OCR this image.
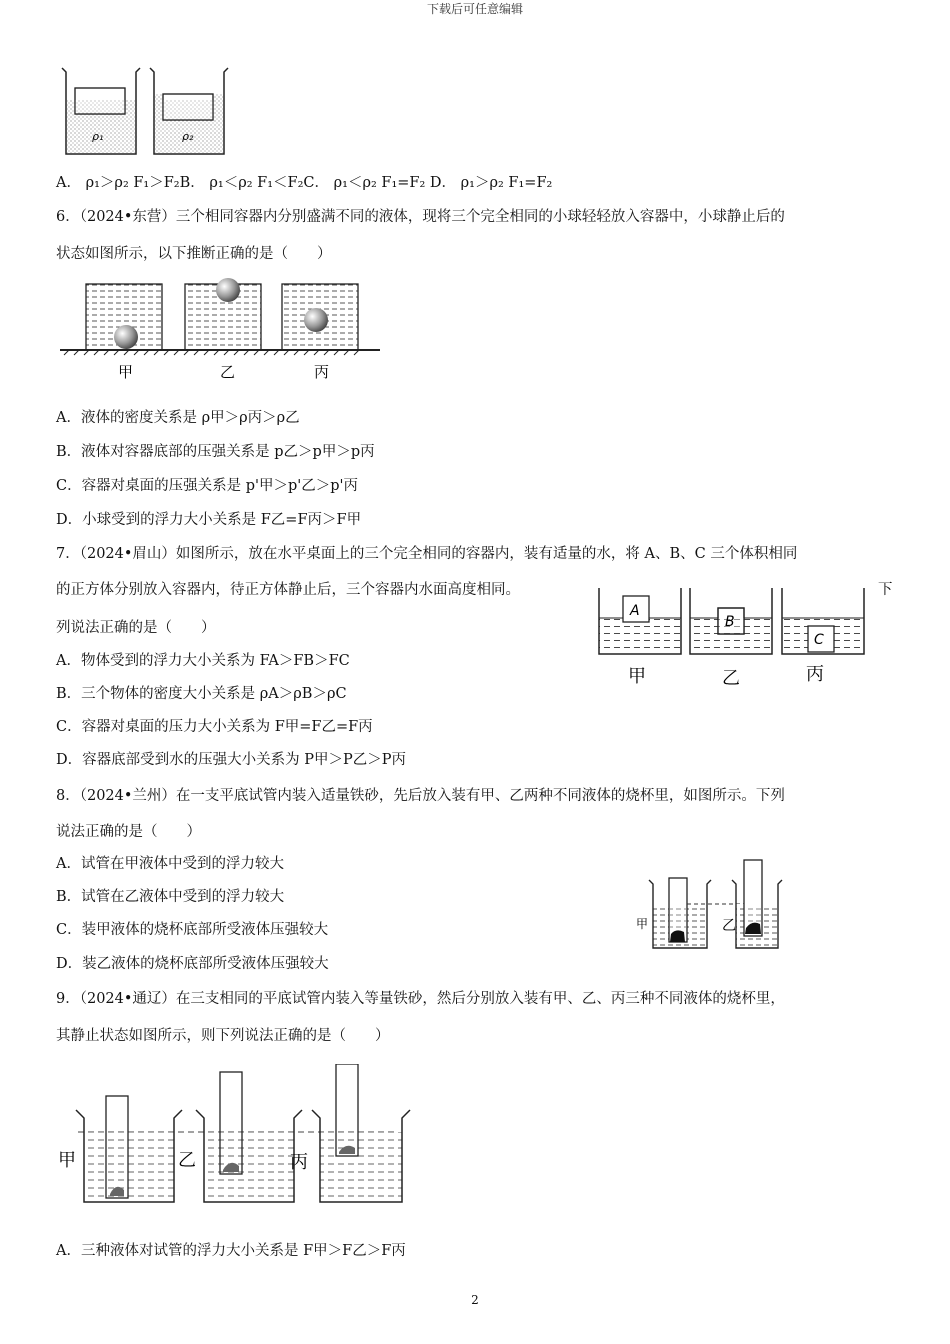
下载后可任意编辑
ρ₁	ρ₂
A． ρ₁＞ρ₂ F₁＞F₂B． ρ₁＜ρ₂ F₁＜F₂C． ρ₁＜ρ₂ F₁=F₂ D． ρ₁＞ρ₂ F₁=F₂
6．（2024•东营）三个相同容器内分别盛满不同的液体，现将三个完全相同的小球轻轻放入容器中，小球静止后的
状态如图所示，以下推断正确的是（　　）
甲	乙	丙
A．液体的密度关系是 ρ甲＞ρ丙＞ρ乙
B．液体对容器底部的压强关系是 p乙＞p甲＞p丙
C．容器对桌面的压强关系是 p'甲＞p'乙＞p'丙
D．小球受到的浮力大小关系是 F乙=F丙＞F甲
7．（2024•眉山）如图所示，放在水平桌面上的三个完全相同的容器内，装有适量的水，将 A、B、C 三个体积相同
的正方体分别放入容器内，待正方体静止后，三个容器内水面高度相同。	下
列说法正确的是（　　）
A
B
C
甲	乙	丙
A．物体受到的浮力大小关系为 FA＞FB＞FC
B．三个物体的密度大小关系是 ρA＞ρB＞ρC
C．容器对桌面的压力大小关系为 F甲=F乙=F丙
D．容器底部受到水的压强大小关系为 P甲＞P乙＞P丙
8．（2024•兰州）在一支平底试管内装入适量铁砂，先后放入装有甲、乙两种不同液体的烧杯里，如图所示。下列
说法正确的是（　　）
甲	乙
A．试管在甲液体中受到的浮力较大
B．试管在乙液体中受到的浮力较大
C．装甲液体的烧杯底部所受液体压强较大
D．装乙液体的烧杯底部所受液体压强较大
9．（2024•通辽）在三支相同的平底试管内装入等量铁砂，然后分别放入装有甲、乙、丙三种不同液体的烧杯里，
其静止状态如图所示，则下列说法正确的是（　　）
甲	乙	丙
A．三种液体对试管的浮力大小关系是 F甲＞F乙＞F丙
2
